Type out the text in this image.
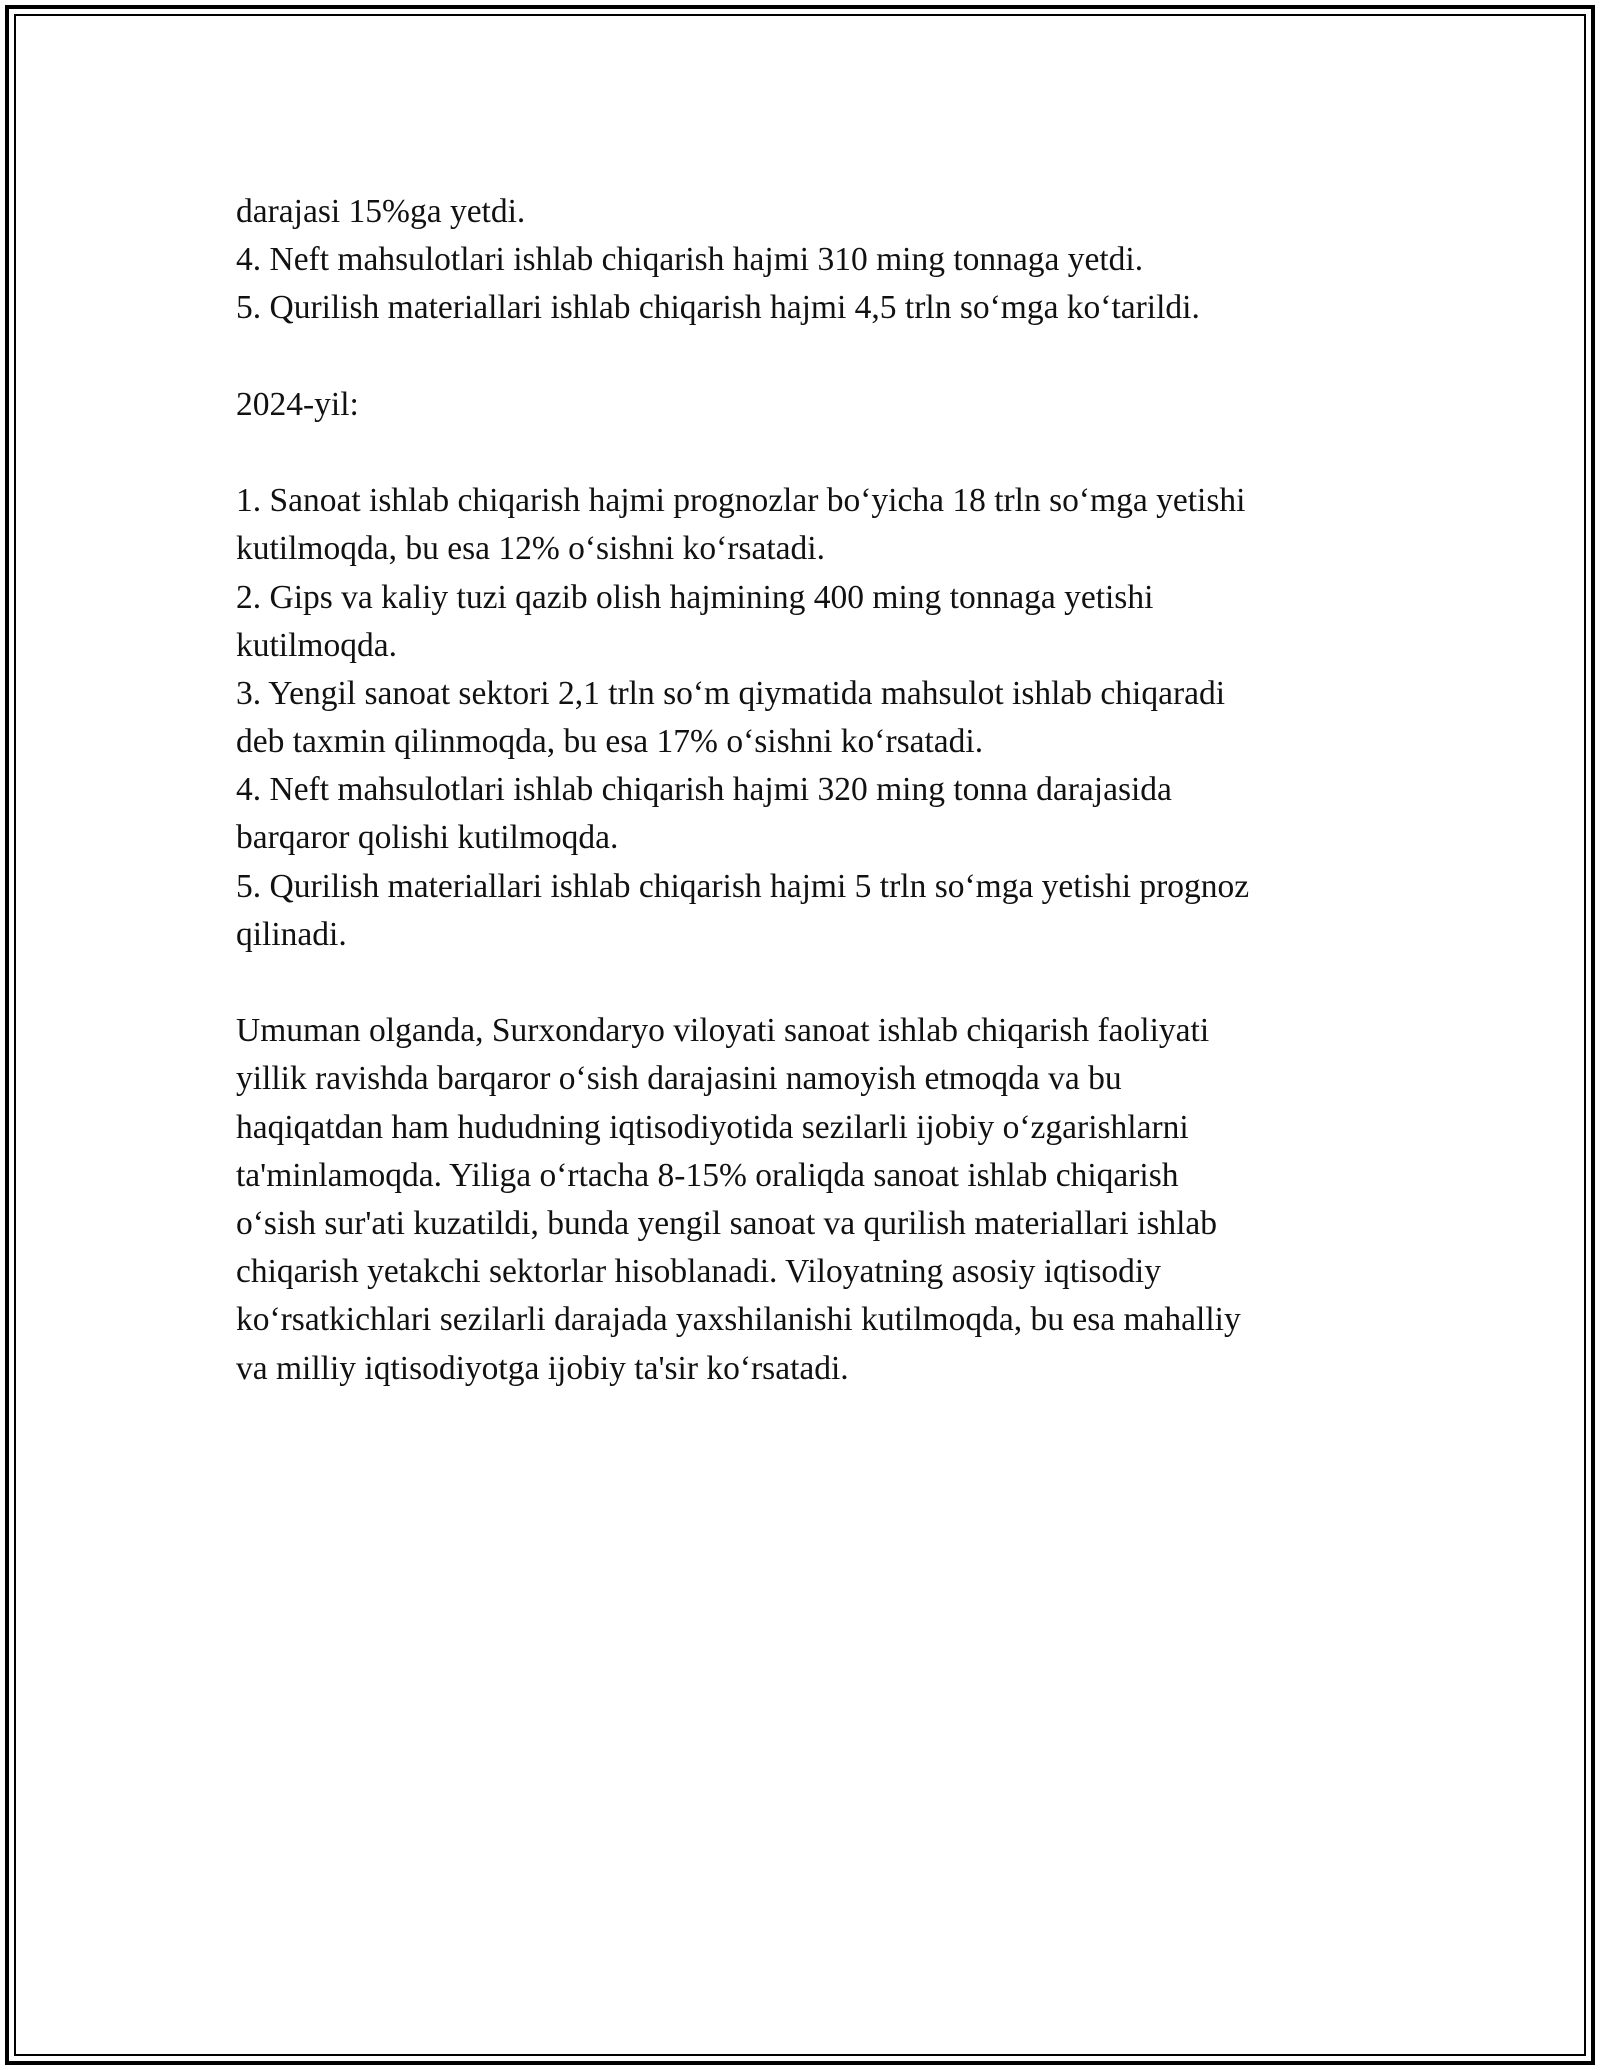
darajasi 15%ga yetdi.
4. Neft mahsulotlari ishlab chiqarish hajmi 310 ming tonnaga yetdi.
5. Qurilish materiallari ishlab chiqarish hajmi 4,5 trln so‘mga ko‘tarildi.
2024-yil:
1. Sanoat ishlab chiqarish hajmi prognozlar bo‘yicha 18 trln so‘mga yetishi
kutilmoqda, bu esa 12% o‘sishni ko‘rsatadi.
2. Gips va kaliy tuzi qazib olish hajmining 400 ming tonnaga yetishi
kutilmoqda.
3. Yengil sanoat sektori 2,1 trln so‘m qiymatida mahsulot ishlab chiqaradi
deb taxmin qilinmoqda, bu esa 17% o‘sishni ko‘rsatadi.
4. Neft mahsulotlari ishlab chiqarish hajmi 320 ming tonna darajasida
barqaror qolishi kutilmoqda.
5. Qurilish materiallari ishlab chiqarish hajmi 5 trln so‘mga yetishi prognoz
qilinadi.
Umuman olganda, Surxondaryo viloyati sanoat ishlab chiqarish faoliyati
yillik ravishda barqaror o‘sish darajasini namoyish etmoqda va bu
haqiqatdan ham hududning iqtisodiyotida sezilarli ijobiy o‘zgarishlarni
ta'minlamoqda. Yiliga o‘rtacha 8-15% oraliqda sanoat ishlab chiqarish
o‘sish sur'ati kuzatildi, bunda yengil sanoat va qurilish materiallari ishlab
chiqarish yetakchi sektorlar hisoblanadi. Viloyatning asosiy iqtisodiy
ko‘rsatkichlari sezilarli darajada yaxshilanishi kutilmoqda, bu esa mahalliy
va milliy iqtisodiyotga ijobiy ta'sir ko‘rsatadi.
